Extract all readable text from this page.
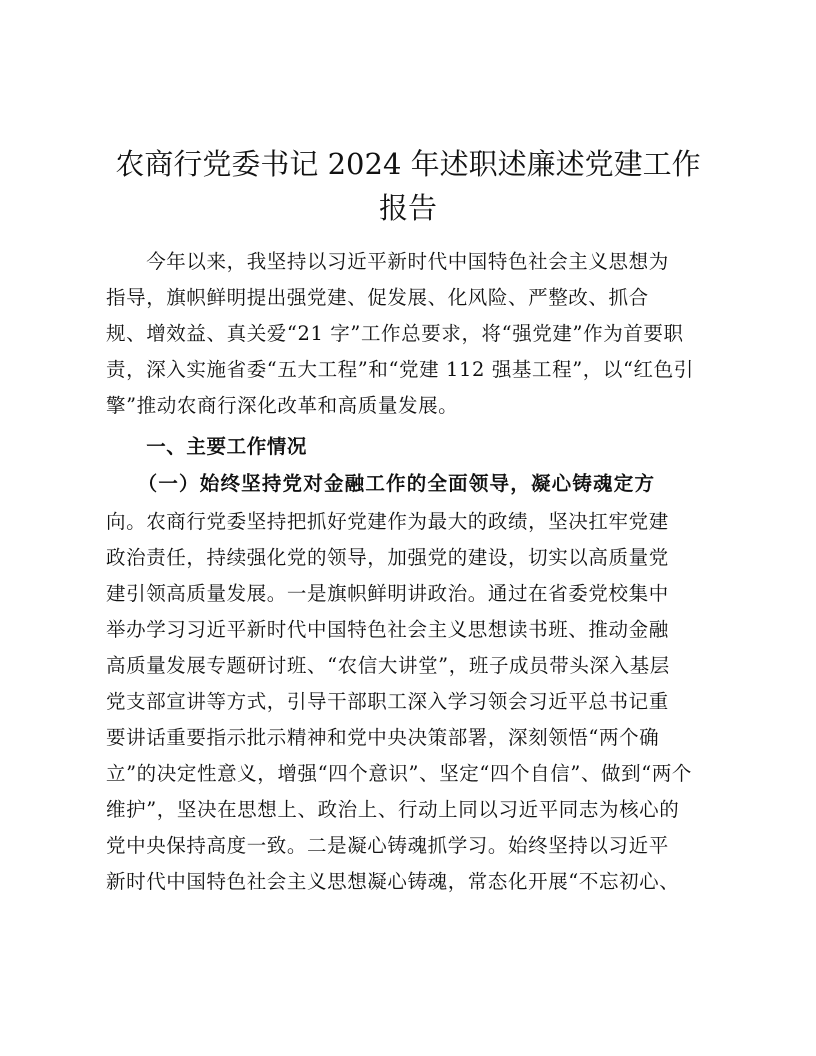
农商行党委书记 2024 年述职述廉述党建工作
报告

　　今年以来，我坚持以习近平新时代中国特色社会主义思想为

指导，旗帜鲜明提出强党建、促发展、化风险、严整改、抓合

规、增效益、真关爱“21 字”工作总要求，将“强党建”作为首要职

责，深入实施省委“五大工程”和“党建 112 强基工程”，以“红色引

擎”推动农商行深化改革和高质量发展。

　　一、主要工作情况

　　（一）始终坚持党对金融工作的全面领导，凝心铸魂定方

向。农商行党委坚持把抓好党建作为最大的政绩，坚决扛牢党建

政治责任，持续强化党的领导，加强党的建设，切实以高质量党

建引领高质量发展。一是旗帜鲜明讲政治。通过在省委党校集中

举办学习习近平新时代中国特色社会主义思想读书班、推动金融

高质量发展专题研讨班、“农信大讲堂”，班子成员带头深入基层

党支部宣讲等方式，引导干部职工深入学习领会习近平总书记重

要讲话重要指示批示精神和党中央决策部署，深刻领悟“两个确

立”的决定性意义，增强“四个意识”、坚定“四个自信”、做到“两个

维护”，坚决在思想上、政治上、行动上同以习近平同志为核心的

党中央保持高度一致。二是凝心铸魂抓学习。始终坚持以习近平

新时代中国特色社会主义思想凝心铸魂，常态化开展“不忘初心、
